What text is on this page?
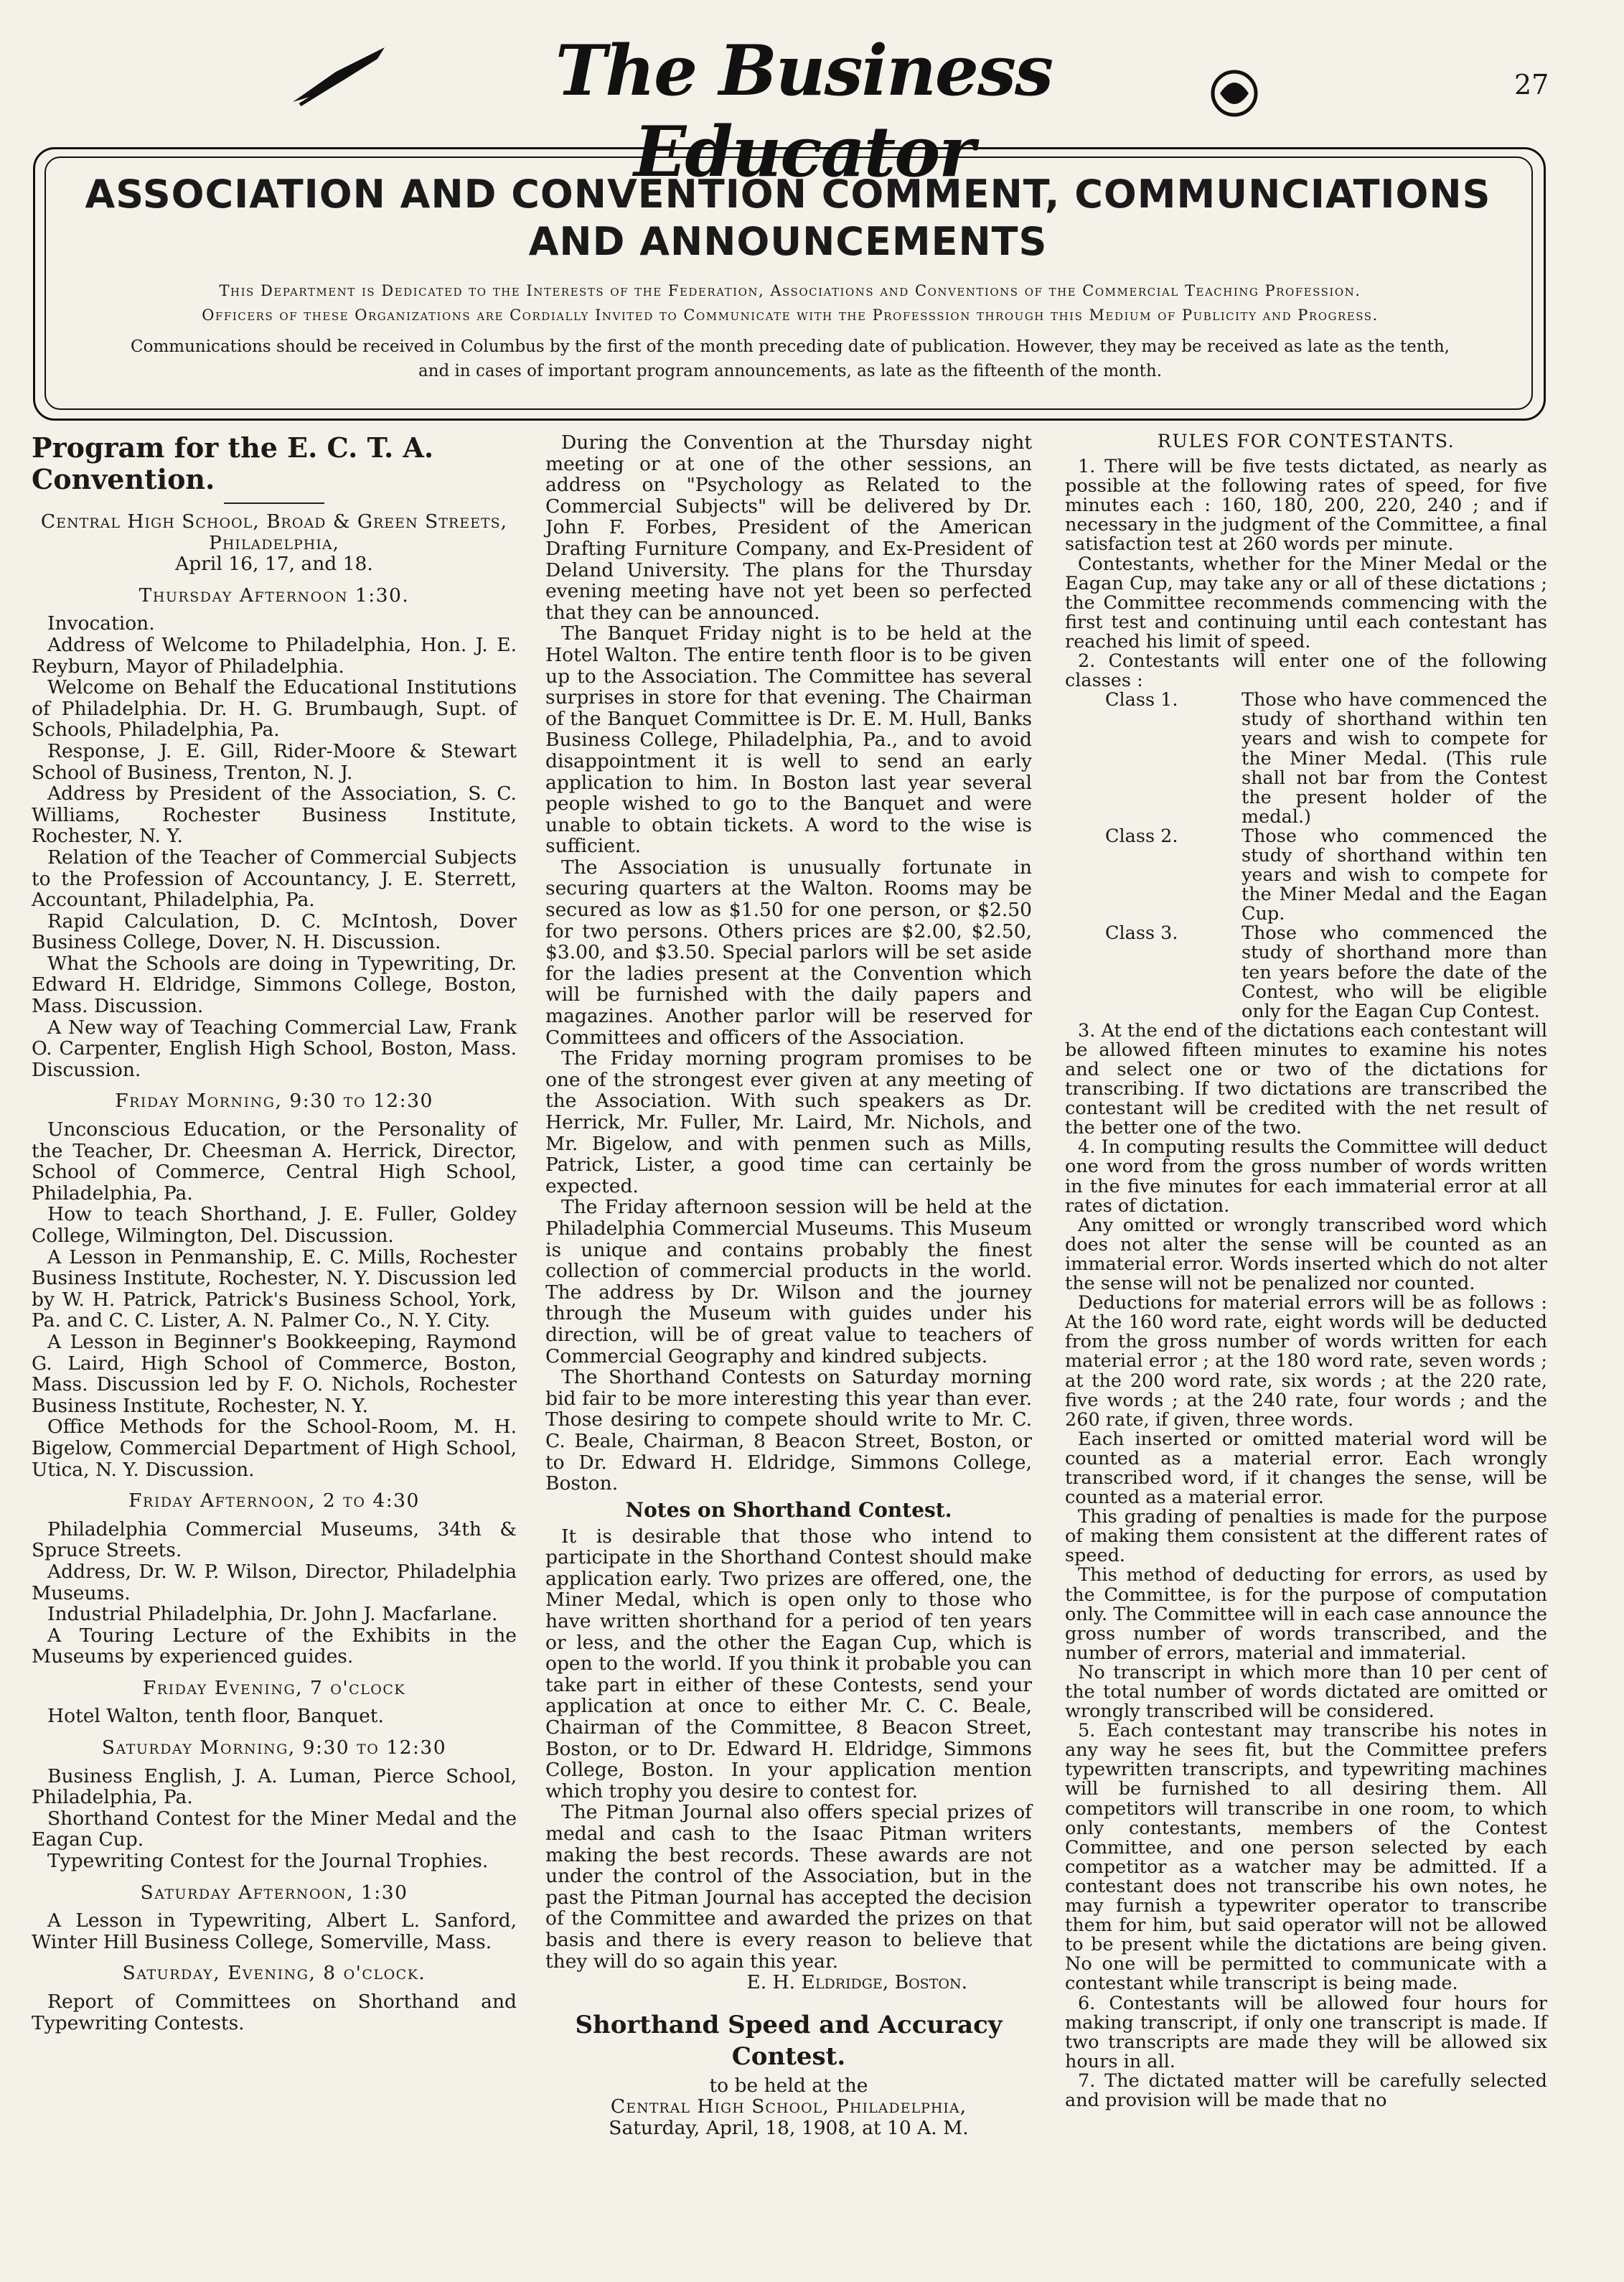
The Business Educator
27
ASSOCIATION AND CONVENTION COMMENT, COMMUNCIATIONS
AND ANNOUNCEMENTS
This Department is Dedicated to the Interests of the Federation, Associations and Conventions of the Commercial Teaching Profession.
Officers of these Organizations are Cordially Invited to Communicate with the Professsion through this Medium of Publicity and Progress.
Communications should be received in Columbus by the first of the month preceding date of publication. However, they may be received as late as the tenth,
and in cases of important program announcements, as late as the fifteenth of the month.
Program for the E. C. T. A. Convention.

Central High School, Broad & Green Streets, Philadelphia,

April 16, 17, and 18.

Thursday Afternoon 1:30.

Invocation.

Address of Welcome to Philadelphia, Hon. J. E. Reyburn, Mayor of Philadelphia.

Welcome on Behalf the Educational Institutions of Philadelphia. Dr. H. G. Brumbaugh, Supt. of Schools, Philadelphia, Pa.

Response, J. E. Gill, Rider-Moore & Stewart School of Business, Trenton, N. J.

Address by President of the Association, S. C. Williams, Rochester Business Institute, Rochester, N. Y.

Relation of the Teacher of Commercial Subjects to the Profession of Accountancy, J. E. Sterrett, Accountant, Philadelphia, Pa.

Rapid Calculation, D. C. McIntosh, Dover Business College, Dover, N. H. Discussion.

What the Schools are doing in Typewriting, Dr. Edward H. Eldridge, Simmons College, Boston, Mass. Discussion.

A New way of Teaching Commercial Law, Frank O. Carpenter, English High School, Boston, Mass. Discussion.

Friday Morning, 9:30 to 12:30

Unconscious Education, or the Personality of the Teacher, Dr. Cheesman A. Herrick, Director, School of Commerce, Central High School, Philadelphia, Pa.

How to teach Shorthand, J. E. Fuller, Goldey College, Wilmington, Del. Discussion.

A Lesson in Penmanship, E. C. Mills, Rochester Business Institute, Rochester, N. Y. Discussion led by W. H. Patrick, Patrick's Business School, York, Pa. and C. C. Lister, A. N. Palmer Co., N. Y. City.

A Lesson in Beginner's Bookkeeping, Raymond G. Laird, High School of Commerce, Boston, Mass. Discussion led by F. O. Nichols, Rochester Business Institute, Rochester, N. Y.

Office Methods for the School-Room, M. H. Bigelow, Commercial Department of High School, Utica, N. Y. Discussion.

Friday Afternoon, 2 to 4:30

Philadelphia Commercial Museums, 34th & Spruce Streets.

Address, Dr. W. P. Wilson, Director, Philadelphia Museums.

Industrial Philadelphia, Dr. John J. Macfarlane.

A Touring Lecture of the Exhibits in the Museums by experienced guides.

Friday Evening, 7 o'clock

Hotel Walton, tenth floor, Banquet.

Saturday Morning, 9:30 to 12:30

Business English, J. A. Luman, Pierce School, Philadelphia, Pa.

Shorthand Contest for the Miner Medal and the Eagan Cup.

Typewriting Contest for the Journal Trophies.

Saturday Afternoon, 1:30

A Lesson in Typewriting, Albert L. Sanford, Winter Hill Business College, Somerville, Mass.

Saturday, Evening, 8 o'clock.

Report of Committees on Shorthand and Typewriting Contests.

During the Convention at the Thursday night meeting or at one of the other sessions, an address on "Psychology as Related to the Commercial Subjects" will be delivered by Dr. John F. Forbes, President of the American Drafting Furniture Company, and Ex-President of Deland University. The plans for the Thursday evening meeting have not yet been so perfected that they can be announced.

The Banquet Friday night is to be held at the Hotel Walton. The entire tenth floor is to be given up to the Association. The Committee has several surprises in store for that evening. The Chairman of the Banquet Committee is Dr. E. M. Hull, Banks Business College, Philadelphia, Pa., and to avoid disappointment it is well to send an early application to him. In Boston last year several people wished to go to the Banquet and were unable to obtain tickets. A word to the wise is sufficient.

The Association is unusually fortunate in securing quarters at the Walton. Rooms may be secured as low as $1.50 for one person, or $2.50 for two persons. Others prices are $2.00, $2.50, $3.00, and $3.50. Special parlors will be set aside for the ladies present at the Convention which will be furnished with the daily papers and magazines. Another parlor will be reserved for Committees and officers of the Association.

The Friday morning program promises to be one of the strongest ever given at any meeting of the Association. With such speakers as Dr. Herrick, Mr. Fuller, Mr. Laird, Mr. Nichols, and Mr. Bigelow, and with penmen such as Mills, Patrick, Lister, a good time can certainly be expected.

The Friday afternoon session will be held at the Philadelphia Commercial Museums. This Museum is unique and contains probably the finest collection of commercial products in the world. The address by Dr. Wilson and the journey through the Museum with guides under his direction, will be of great value to teachers of Commercial Geography and kindred subjects.

The Shorthand Contests on Saturday morning bid fair to be more interesting this year than ever. Those desiring to compete should write to Mr. C. C. Beale, Chairman, 8 Beacon Street, Boston, or to Dr. Edward H. Eldridge, Simmons College, Boston.

Notes on Shorthand Contest.

It is desirable that those who intend to participate in the Shorthand Contest should make application early. Two prizes are offered, one, the Miner Medal, which is open only to those who have written shorthand for a period of ten years or less, and the other the Eagan Cup, which is open to the world. If you think it probable you can take part in either of these Contests, send your application at once to either Mr. C. C. Beale, Chairman of the Committee, 8 Beacon Street, Boston, or to Dr. Edward H. Eldridge, Simmons College, Boston. In your application mention which trophy you desire to contest for.

The Pitman Journal also offers special prizes of medal and cash to the Isaac Pitman writers making the best records. These awards are not under the control of the Association, but in the past the Pitman Journal has accepted the decision of the Committee and awarded the prizes on that basis and there is every reason to believe that they will do so again this year.

E. H. Eldridge, Boston.
Shorthand Speed and Accuracy Contest.

to be held at the

Central High School, Philadelphia,

Saturday, April, 18, 1908, at 10 A. M.

RULES FOR CONTESTANTS.

1. There will be five tests dictated, as nearly as possible at the following rates of speed, for five minutes each : 160, 180, 200, 220, 240 ; and if necessary in the judgment of the Committee, a final satisfaction test at 260 words per minute.

Contestants, whether for the Miner Medal or the Eagan Cup, may take any or all of these dictations ; the Committee recommends commencing with the first test and continuing until each contestant has reached his limit of speed.

2. Contestants will enter one of the following classes :

Class 1.	Those who have commenced the study of shorthand within ten years and wish to compete for the Miner Medal. (This rule shall not bar from the Contest the present holder of the medal.)
Class 2.	Those who commenced the study of shorthand within ten years and wish to compete for the Miner Medal and the Eagan Cup.
Class 3.	Those who commenced the study of shorthand more than ten years before the date of the Contest, who will be eligible only for the Eagan Cup Contest.

3. At the end of the dictations each contestant will be allowed fifteen minutes to examine his notes and select one or two of the dictations for transcribing. If two dictations are transcribed the contestant will be credited with the net result of the better one of the two.

4. In computing results the Committee will deduct one word from the gross number of words written in the five minutes for each immaterial error at all rates of dictation.

Any omitted or wrongly transcribed word which does not alter the sense will be counted as an immaterial error. Words inserted which do not alter the sense will not be penalized nor counted.

Deductions for material errors will be as follows : At the 160 word rate, eight words will be deducted from the gross number of words written for each material error ; at the 180 word rate, seven words ; at the 200 word rate, six words ; at the 220 rate, five words ; at the 240 rate, four words ; and the 260 rate, if given, three words.

Each inserted or omitted material word will be counted as a material error. Each wrongly transcribed word, if it changes the sense, will be counted as a material error.

This grading of penalties is made for the purpose of making them consistent at the different rates of speed.

This method of deducting for errors, as used by the Committee, is for the purpose of computation only. The Committee will in each case announce the gross number of words transcribed, and the number of errors, material and immaterial.

No transcript in which more than 10 per cent of the total number of words dictated are omitted or wrongly transcribed will be considered.

5. Each contestant may transcribe his notes in any way he sees fit, but the Committee prefers typewritten transcripts, and typewriting machines will be furnished to all desiring them. All competitors will transcribe in one room, to which only contestants, members of the Contest Committee, and one person selected by each competitor as a watcher may be admitted. If a contestant does not transcribe his own notes, he may furnish a typewriter operator to transcribe them for him, but said operator will not be allowed to be present while the dictations are being given. No one will be permitted to communicate with a contestant while transcript is being made.

6. Contestants will be allowed four hours for making transcript, if only one transcript is made. If two transcripts are made they will be allowed six hours in all.

7. The dictated matter will be carefully selected and provision will be made that no
